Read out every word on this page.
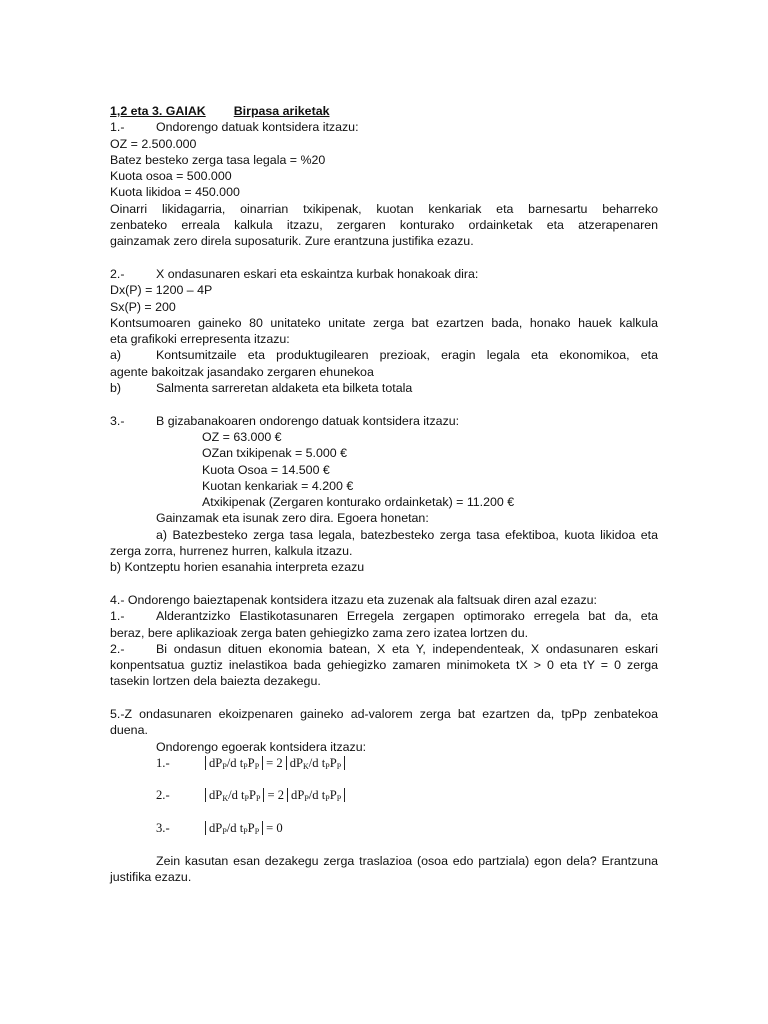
1,2 eta 3. GAIAK Birpasa ariketak
1.-	Ondorengo datuak kontsidera itzazu:
OZ = 2.500.000
Batez besteko zerga tasa legala = %20
Kuota osoa = 500.000
Kuota likidoa = 450.000
Oinarri likidagarria, oinarrian txikipenak, kuotan kenkariak eta barnesartu beharreko
zenbateko erreala kalkula itzazu, zergaren konturako ordainketak eta atzerapenaren
gainzamak zero direla suposaturik. Zure erantzuna justifika ezazu.
2.-	X ondasunaren eskari eta eskaintza kurbak honakoak dira:
Dx(P) = 1200 – 4P
Sx(P) = 200
Kontsumoaren gaineko 80 unitateko unitate zerga bat ezartzen bada, honako hauek kalkula
eta grafikoki errepresenta itzazu:
a)	Kontsumitzaile eta produktugilearen prezioak, eragin legala eta ekonomikoa, eta
agente bakoitzak jasandako zergaren ehunekoa
b)	Salmenta sarreretan aldaketa eta bilketa totala
3.-	B gizabanakoaren ondorengo datuak kontsidera itzazu:
OZ = 63.000 €
OZan txikipenak = 5.000 €
Kuota Osoa = 14.500 €
Kuotan kenkariak = 4.200 €
Atxikipenak (Zergaren konturako ordainketak) = 11.200 €
Gainzamak eta isunak zero dira. Egoera honetan:
a) Batezbesteko zerga tasa legala, batezbesteko zerga tasa efektiboa, kuota likidoa eta
zerga zorra, hurrenez hurren, kalkula itzazu.
b) Kontzeptu horien esanahia interpreta ezazu
4.- Ondorengo baieztapenak kontsidera itzazu eta zuzenak ala faltsuak diren azal ezazu:
1.-	Alderantzizko Elastikotasunaren Erregela zergapen optimorako erregela bat da, eta
beraz, bere aplikazioak zerga baten gehiegizko zama zero izatea lortzen du.
2.-	Bi ondasun dituen ekonomia batean, X eta Y, independenteak, X ondasunaren eskari
konpentsatua guztiz inelastikoa bada gehiegizko zamaren minimoketa tX > 0 eta tY = 0 zerga
tasekin lortzen dela baiezta dezakegu.
5.-Z ondasunaren ekoizpenaren gaineko ad-valorem zerga bat ezartzen da, tpPp zenbatekoa
duena.
Ondorengo egoerak kontsidera itzazu:
1.-	$dP_P/d$ $t_PP_P = 2$ $dP_K/d$ $t_PP_P$
2.-	$dP_K/d$ $t_PP_P = 2$ $dP_P/d$ $t_PP_P$
3.-	$dP_P/d$ $t_PP_P = 0$
Zein kasutan esan dezakegu zerga traslazioa (osoa edo partziala) egon dela? Erantzuna
justifika ezazu.
